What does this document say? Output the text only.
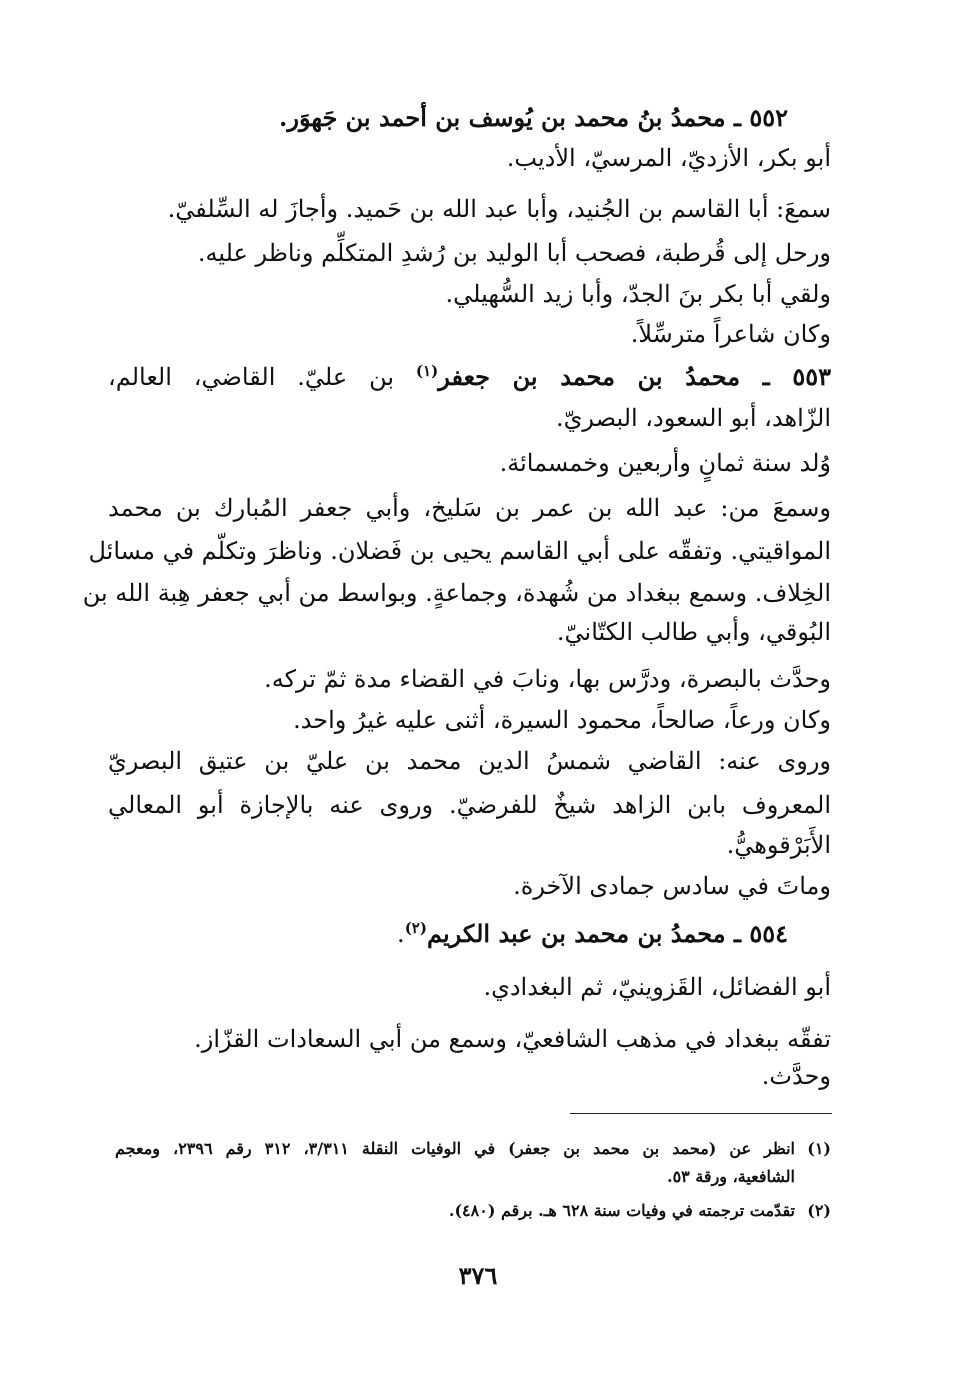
٥٥٢ ـ محمدُ بنُ محمد بن يُوسف بن أحمد بن جَهوَر.
أبو بكر، الأزديّ، المرسيّ، الأديب.
سمعَ: أبا القاسم بن الجُنيد، وأبا عبد الله بن حَميد. وأجازَ له السِّلفيّ.
ورحل إلى قُرطبة، فصحب أبا الوليد بن رُشدِ المتكلِّم وناظر عليه.
ولقي أبا بكر بنَ الجدّ، وأبا زيد السُّهيلي.
وكان شاعراً مترسِّلاً.
٥٥٣ ـ محمدُ بن محمد بن جعفر$^{(١)}$ بن عليّ. القاضي، العالم،
الزّاهد، أبو السعود، البصريّ.
وُلد سنة ثمانٍ وأربعين وخمسمائة.
وسمعَ من: عبد الله بن عمر بن سَليخ، وأبي جعفر المُبارك بن محمد
المواقيتي. وتفقّه على أبي القاسم يحيى بن فَضلان. وناظرَ وتكلّم في مسائل
الخِلاف. وسمع ببغداد من شُهدة، وجماعةٍ. وبواسط من أبي جعفر هِبة الله بن
البُوقي، وأبي طالب الكتّانيّ.
وحدَّث بالبصرة، ودرَّس بها، ونابَ في القضاء مدة ثمّ تركه.
وكان ورعاً، صالحاً، محمود السيرة، أثنى عليه غيرُ واحد.
وروى عنه: القاضي شمسُ الدين محمد بن عليّ بن عتيق البصريّ
المعروف بابن الزاهد شيخٌ للفرضيّ. وروى عنه بالإجازة أبو المعالي
الأَبَرْقوهيُّ.
وماتَ في سادس جمادى الآخرة.
٥٥٤ ـ محمدُ بن محمد بن عبد الكريم$^{(٢)}$.
أبو الفضائل، القَزوينيّ، ثم البغدادي.
تفقّه ببغداد في مذهب الشافعيّ، وسمع من أبي السعادات القزّاز.
وحدَّث.
(١)انظر عن (محمد بن محمد بن جعفر) في الوفيات النقلة ٣/٣١١، ٣١٢ رقم ٢٣٩٦، ومعجم
الشافعية، ورقة ٥٣.
(٢)تقدّمت ترجمته في وفيات سنة ٦٢٨ هـ. برقم (٤٨٠).
٣٧٦
